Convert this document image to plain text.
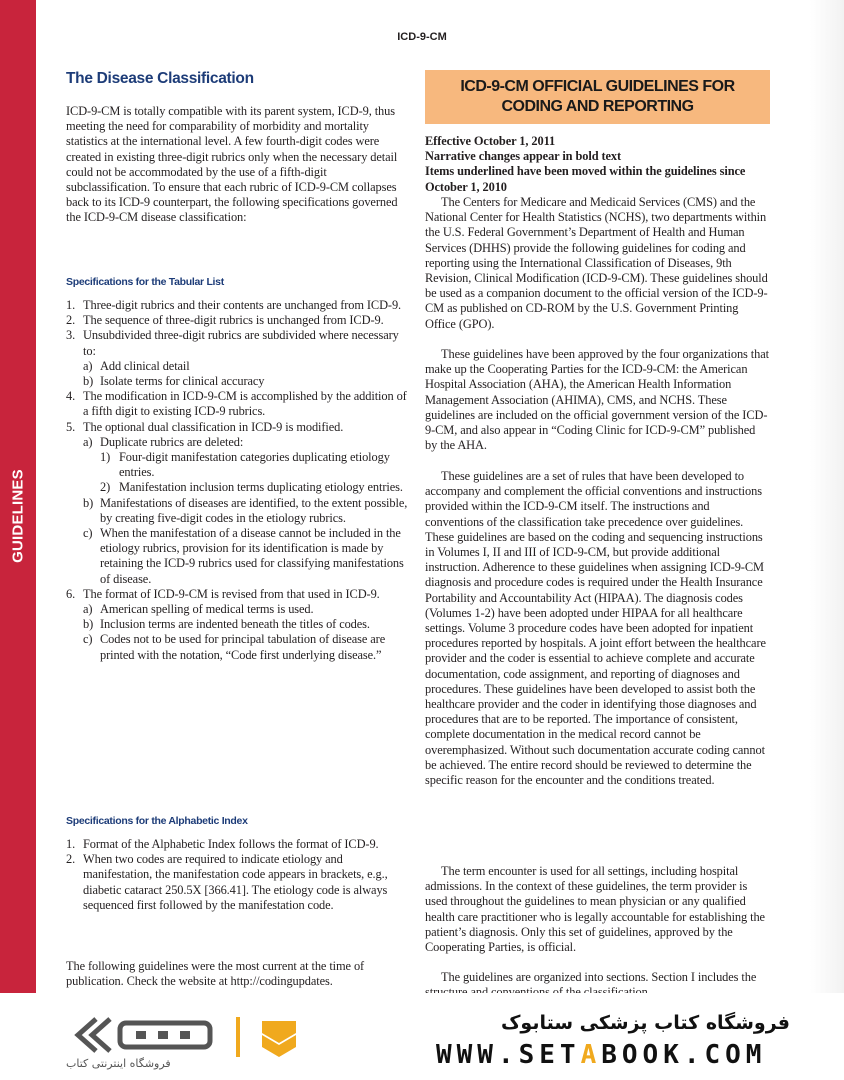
GUIDELINES
ICD-9-CM
The Disease Classification
ICD-9-CM is totally compatible with its parent system, ICD-9, thus meeting the need for comparability of morbidity and mortality statistics at the international level. A few fourth-digit codes were created in existing three-digit rubrics only when the necessary detail could not be accommodated by the use of a fifth-digit subclassification. To ensure that each rubric of ICD-9-CM collapses back to its ICD-9 counterpart, the following specifications governed the ICD-9-CM disease classification:
Specifications for the Tabular List
1. Three-digit rubrics and their contents are unchanged from ICD-9.
2. The sequence of three-digit rubrics is unchanged from ICD-9.
3. Unsubdivided three-digit rubrics are subdivided where necessary to:
a) Add clinical detail
b) Isolate terms for clinical accuracy
4. The modification in ICD-9-CM is accomplished by the addition of a fifth digit to existing ICD-9 rubrics.
5. The optional dual classification in ICD-9 is modified.
a) Duplicate rubrics are deleted:
1) Four-digit manifestation categories duplicating etiology entries.
2) Manifestation inclusion terms duplicating etiology entries.
b) Manifestations of diseases are identified, to the extent possible, by creating five-digit codes in the etiology rubrics.
c) When the manifestation of a disease cannot be included in the etiology rubrics, provision for its identification is made by retaining the ICD-9 rubrics used for classifying manifestations of disease.
6. The format of ICD-9-CM is revised from that used in ICD-9.
a) American spelling of medical terms is used.
b) Inclusion terms are indented beneath the titles of codes.
c) Codes not to be used for principal tabulation of disease are printed with the notation, “Code first underlying disease.”
Specifications for the Alphabetic Index
1. Format of the Alphabetic Index follows the format of ICD-9.
2. When two codes are required to indicate etiology and manifestation, the manifestation code appears in brackets, e.g., diabetic cataract 250.5X [366.41]. The etiology code is always sequenced first followed by the manifestation code.
The following guidelines were the most current at the time of publication. Check the website at http://codingupdates.
ICD-9-CM OFFICIAL GUIDELINES FOR CODING AND REPORTING
Effective October 1, 2011
Narrative changes appear in bold text
Items underlined have been moved within the guidelines since October 1, 2010
The Centers for Medicare and Medicaid Services (CMS) and the National Center for Health Statistics (NCHS), two departments within the U.S. Federal Government’s Department of Health and Human Services (DHHS) provide the following guidelines for coding and reporting using the International Classification of Diseases, 9th Revision, Clinical Modification (ICD-9-CM). These guidelines should be used as a companion document to the official version of the ICD-9-CM as published on CD-ROM by the U.S. Government Printing Office (GPO).
These guidelines have been approved by the four organizations that make up the Cooperating Parties for the ICD-9-CM: the American Hospital Association (AHA), the American Health Information Management Association (AHIMA), CMS, and NCHS. These guidelines are included on the official government version of the ICD-9-CM, and also appear in “Coding Clinic for ICD-9-CM” published by the AHA.
These guidelines are a set of rules that have been developed to accompany and complement the official conventions and instructions provided within the ICD-9-CM itself. The instructions and conventions of the classification take precedence over guidelines. These guidelines are based on the coding and sequencing instructions in Volumes I, II and III of ICD-9-CM, but provide additional instruction. Adherence to these guidelines when assigning ICD-9-CM diagnosis and procedure codes is required under the Health Insurance Portability and Accountability Act (HIPAA). The diagnosis codes (Volumes 1-2) have been adopted under HIPAA for all healthcare settings. Volume 3 procedure codes have been adopted for inpatient procedures reported by hospitals. A joint effort between the healthcare provider and the coder is essential to achieve complete and accurate documentation, code assignment, and reporting of diagnoses and procedures. These guidelines have been developed to assist both the healthcare provider and the coder in identifying those diagnoses and procedures that are to be reported. The importance of consistent, complete documentation in the medical record cannot be overemphasized. Without such documentation accurate coding cannot be achieved. The entire record should be reviewed to determine the specific reason for the encounter and the conditions treated.
The term encounter is used for all settings, including hospital admissions. In the context of these guidelines, the term provider is used throughout the guidelines to mean physician or any qualified health care practitioner who is legally accountable for establishing the patient’s diagnosis. Only this set of guidelines, approved by the Cooperating Parties, is official.
The guidelines are organized into sections. Section I includes the
فروشگاه اینترنتی کتاب
فروشگاه کتاب پزشکی ستابوک
WWW.SETABOOK.COM
